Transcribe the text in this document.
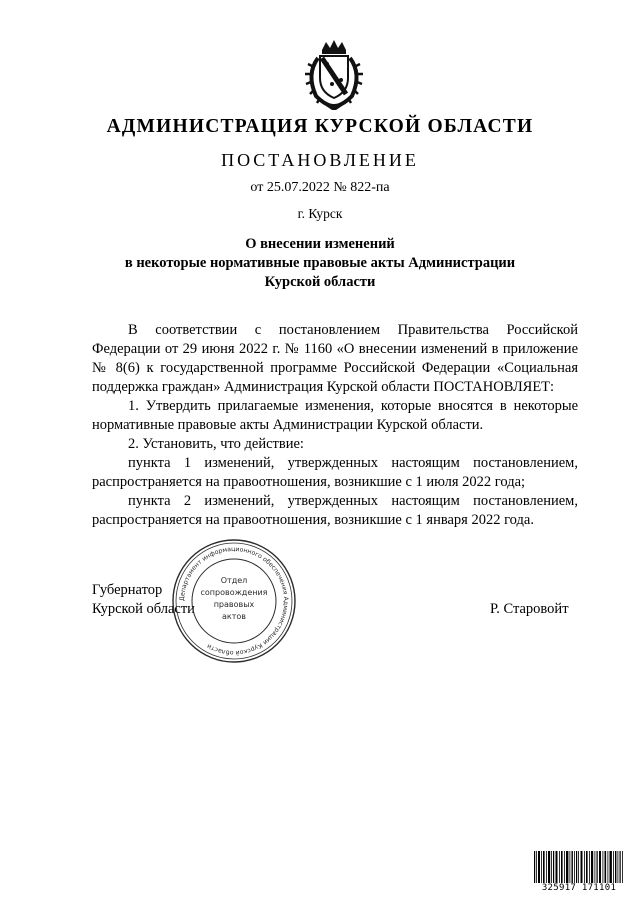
АДМИНИСТРАЦИЯ КУРСКОЙ ОБЛАСТИ
ПОСТАНОВЛЕНИЕ
от 25.07.2022 № 822-па
г. Курск
О внесении изменений
в некоторые нормативные правовые акты Администрации
Курской области
В соответствии с постановлением Правительства Российской Федерации от 29 июня 2022 г. № 1160 «О внесении изменений в приложение № 8(6) к государственной программе Российской Федерации «Социальная поддержка граждан» Администрация Курской области ПОСТАНОВЛЯЕТ:
1. Утвердить прилагаемые изменения, которые вносятся в некоторые нормативные правовые акты Администрации Курской области.
2. Установить, что действие:
пункта 1 изменений, утвержденных настоящим постановлением, распространяется на правоотношения, возникшие с 1 июля 2022 года;
пункта 2 изменений, утвержденных настоящим постановлением, распространяется на правоотношения, возникшие с 1 января 2022 года.
Губернатор
Курской области	Р. Старовойт
Департамент информационного обеспечения Администрации Курской области
Отдел
сопровождения
правовых
актов
325917 171101
